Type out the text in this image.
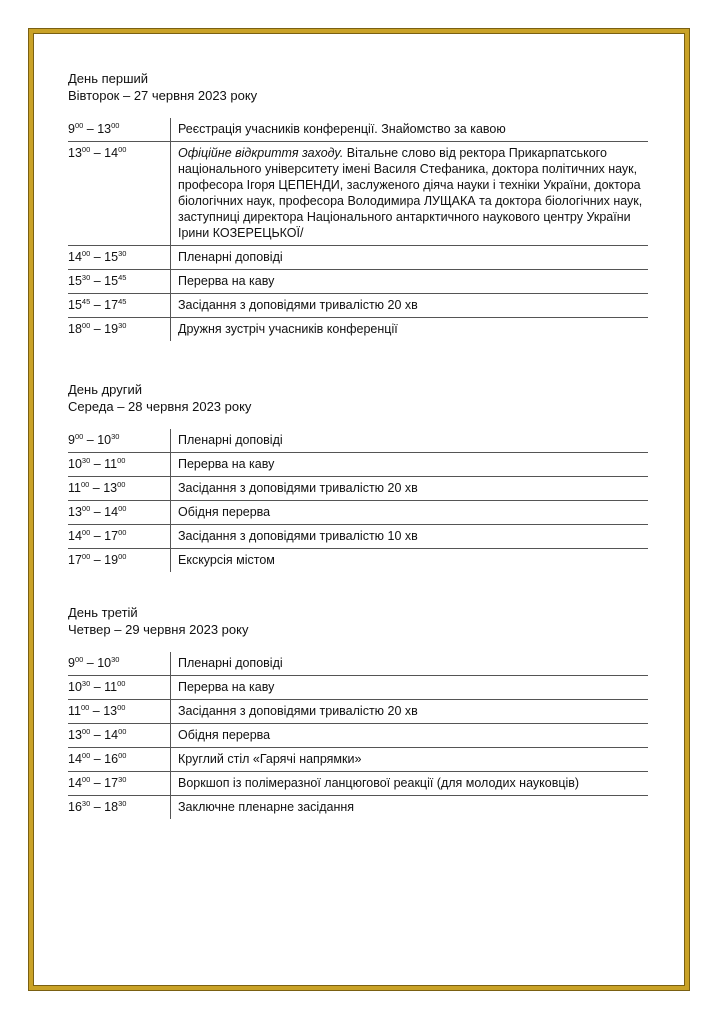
День перший
Вівторок – 27 червня 2023 року
$9^{00} - 13^{00}$	Реєстрація учасників конференції. Знайомство за кавою
$13^{00} - 14^{00}$	Офіційне відкриття заходу. Вітальне слово від ректора Прикарпатського національного університету імені Василя Стефаника, доктора політичних наук, професора Ігоря ЦЕПЕНДИ, заслуженого діяча науки і техніки України, доктора біологічних наук, професора Володимира ЛУЩАКА та доктора біологічних наук, заступниці директора Національного антарктичного наукового центру України Ірини КОЗЕРЕЦЬКОЇ/
$14^{00} - 15^{30}$	Пленарні доповіді
$15^{30} - 15^{45}$	Перерва на каву
$15^{45} - 17^{45}$	Засідання з доповідями тривалістю 20 хв
$18^{00} - 19^{30}$	Дружня зустріч учасників конференції
День другий
Середа – 28 червня 2023 року
$9^{00} - 10^{30}$	Пленарні доповіді
$10^{30} - 11^{00}$	Перерва на каву
$11^{00} - 13^{00}$	Засідання з доповідями тривалістю 20 хв
$13^{00} - 14^{00}$	Обідня перерва
$14^{00} - 17^{00}$	Засідання з доповідями тривалістю 10 хв
$17^{00} - 19^{00}$	Екскурсія містом
День третій
Четвер – 29 червня 2023 року
$9^{00} - 10^{30}$	Пленарні доповіді
$10^{30} - 11^{00}$	Перерва на каву
$11^{00} - 13^{00}$	Засідання з доповідями тривалістю 20 хв
$13^{00} - 14^{00}$	Обідня перерва
$14^{00} - 16^{00}$	Круглий стіл «Гарячі напрямки»
$14^{00} - 17^{30}$	Воркшоп із полімеразної ланцюгової реакції (для молодих науковців)
$16^{30} - 18^{30}$	Заключне пленарне засідання
